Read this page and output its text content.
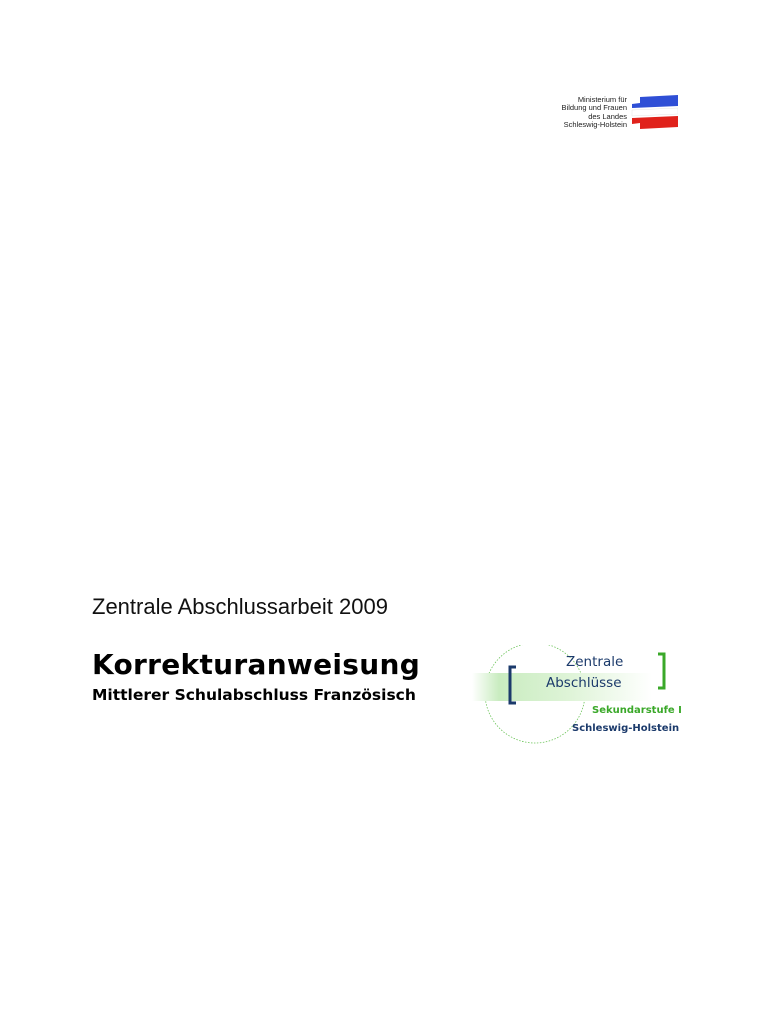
Ministerium für
Bildung und Frauen
des Landes
Schleswig-Holstein
Zentrale Abschlussarbeit 2009
Korrekturanweisung
Mittlerer Schulabschluss Französisch
Zentrale
Abschlüsse
Sekundarstufe I
Schleswig-Holstein
